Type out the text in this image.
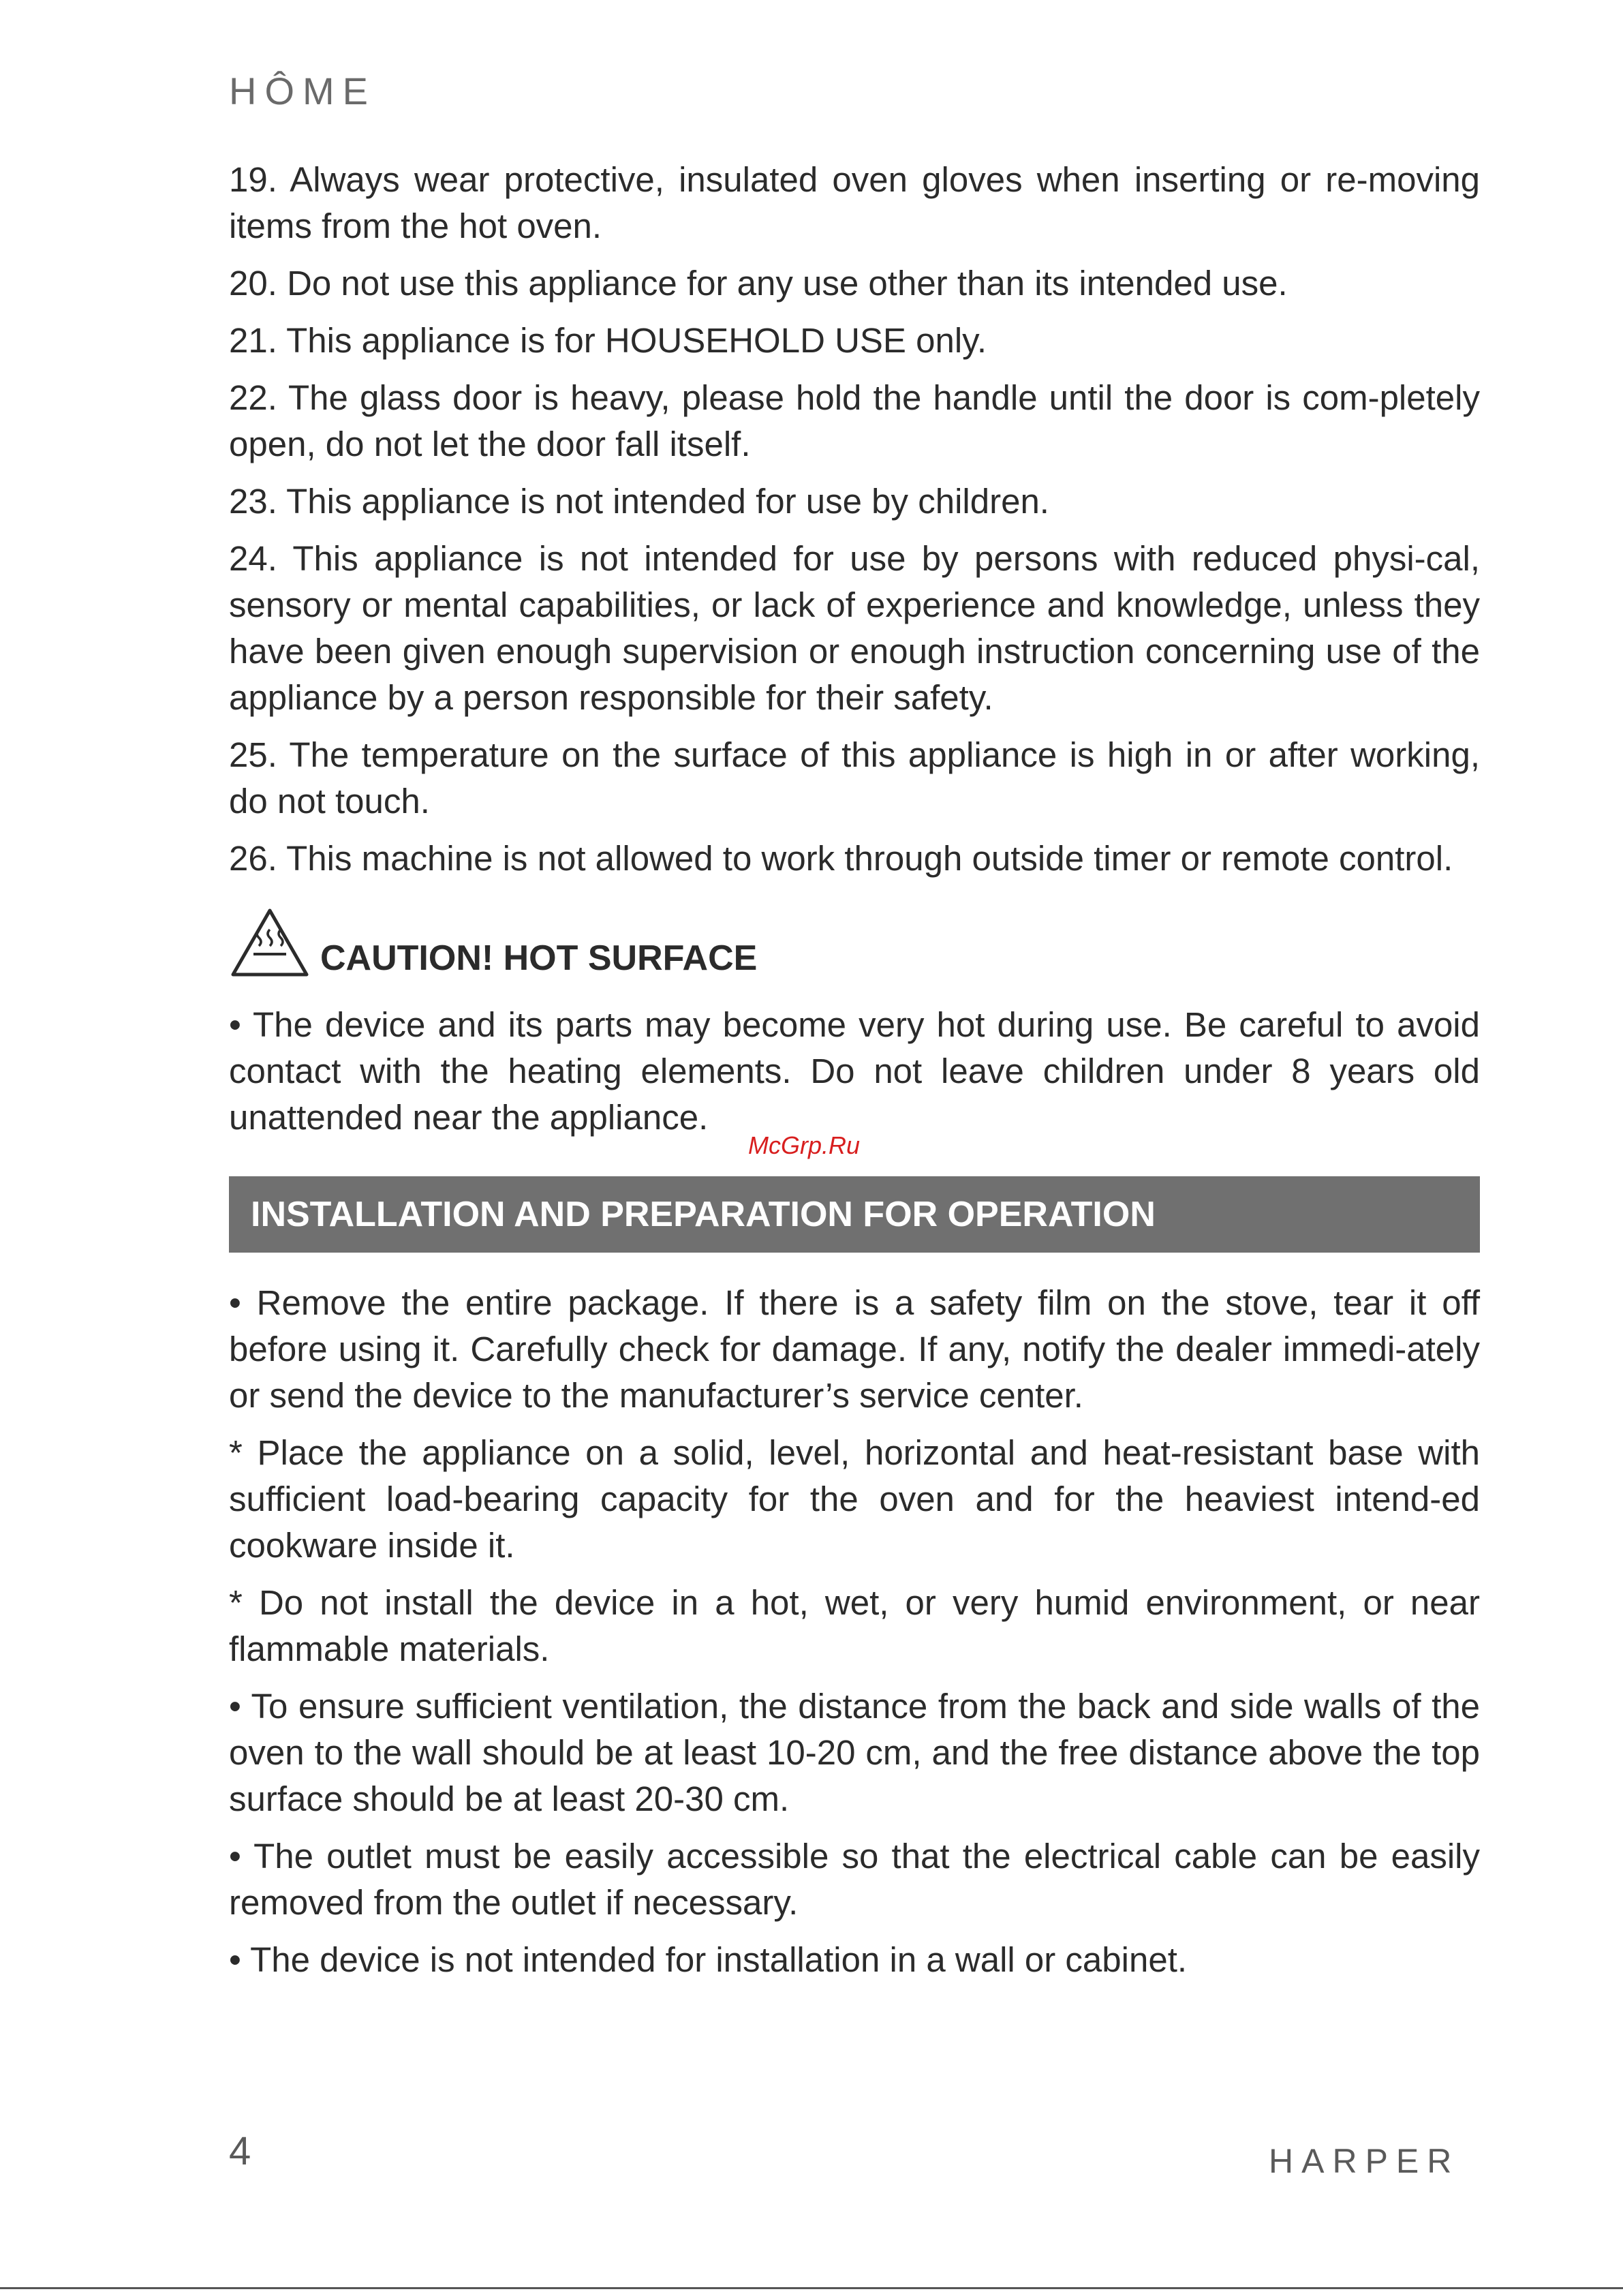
HÔME

19. Always wear protective, insulated oven gloves when inserting or re-moving items from the hot oven.

20. Do not use this appliance for any use other than its intended use.

21. This appliance is for HOUSEHOLD USE only.

22. The glass door is heavy, please hold the handle until the door is com-pletely open, do not let the door fall itself.

23. This appliance is not intended for use by children.

24. This appliance is not intended for use by persons with reduced physi-cal, sensory or mental capabilities, or lack of experience and knowledge, unless they have been given enough supervision or enough instruction concerning use of the appliance by a person responsible for their safety.

25. The temperature on the surface of this appliance is high in or after working, do not touch.

26. This machine is not allowed to work through outside timer or remote control.

CAUTION! HOT SURFACE

• The device and its parts may become very hot during use. Be careful to avoid contact with the heating elements. Do not leave children under 8 years old unattended near the appliance.

INSTALLATION AND PREPARATION FOR OPERATION

• Remove the entire package. If there is a safety film on the stove, tear it off before using it. Carefully check for damage. If any, notify the dealer immedi-ately or send the device to the manufacturer’s service center.

* Place the appliance on a solid, level, horizontal and heat-resistant base with sufficient load-bearing capacity for the oven and for the heaviest intend-ed cookware inside it.

* Do not install the device in a hot, wet, or very humid environment, or near flammable materials.

• To ensure sufficient ventilation, the distance from the back and side walls of the oven to the wall should be at least 10-20 cm, and the free distance above the top surface should be at least 20-30 cm.

• The outlet must be easily accessible so that the electrical cable can be easily removed from the outlet if necessary.

• The device is not intended for installation in a wall or cabinet.

McGrp.Ru
4	HARPER
